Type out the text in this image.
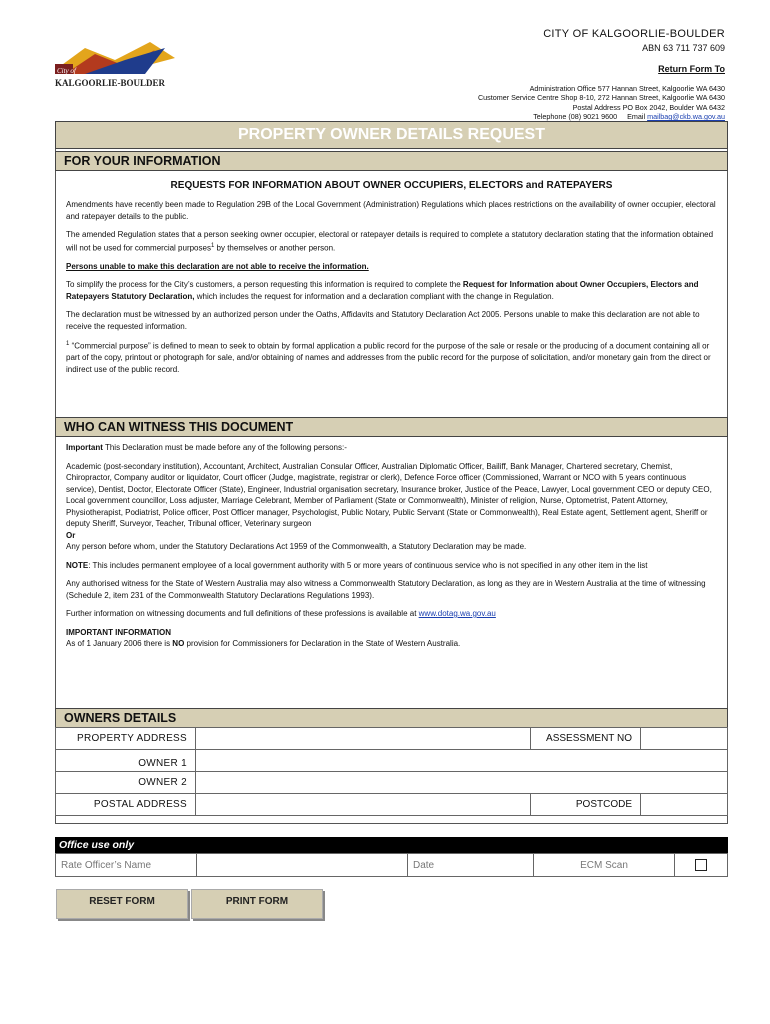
City of
KALGOORLIE-BOULDER
CITY OF KALGOORLIE-BOULDER
ABN 63 711 737 609
Return Form To
Administration Office 577 Hannan Street, Kalgoorlie WA 6430
Customer Service Centre Shop 8-10, 272 Hannan Street, Kalgoorlie WA 6430
Postal Address PO Box 2042, Boulder WA 6432
Telephone (08) 9021 9600 Email mailbag@ckb.wa.gov.au
PROPERTY OWNER DETAILS REQUEST
FOR YOUR INFORMATION
REQUESTS FOR INFORMATION ABOUT OWNER OCCUPIERS, ELECTORS and RATEPAYERS

Amendments have recently been made to Regulation 29B of the Local Government (Administration) Regulations which places restrictions on the availability of owner occupier, electoral and ratepayer details to the public.

The amended Regulation states that a person seeking owner occupier, electoral or ratepayer details is required to complete a statutory declaration stating that the information obtained will not be used for commercial purposes$^1$ by themselves or another person.

Persons unable to make this declaration are not able to receive the information.

To simplify the process for the City’s customers, a person requesting this information is required to complete the Request for Information about Owner Occupiers, Electors and Ratepayers Statutory Declaration, which includes the request for information and a declaration compliant with the change in Regulation.

The declaration must be witnessed by an authorized person under the Oaths, Affidavits and Statutory Declaration Act 2005. Persons unable to make this declaration are not able to receive the requested information.

$^1$ “Commercial purpose” is defined to mean to seek to obtain by formal application a public record for the purpose of the sale or resale or the producing of a document containing all or part of the copy, printout or photograph for sale, and/or obtaining of names and addresses from the public record for the purpose of solicitation, and/or monetary gain from the direct or indirect use of the public record.

WHO CAN WITNESS THIS DOCUMENT

Important This Declaration must be made before any of the following persons:-

Academic (post-secondary institution), Accountant, Architect, Australian Consular Officer, Australian Diplomatic Officer, Bailiff, Bank Manager, Chartered secretary, Chemist, Chiropractor, Company auditor or liquidator, Court officer (Judge, magistrate, registrar or clerk), Defence Force officer (Commissioned, Warrant or NCO with 5 years continuous service), Dentist, Doctor, Electorate Officer (State), Engineer, Industrial organisation secretary, Insurance broker, Justice of the Peace, Lawyer, Local government CEO or deputy CEO, Local government councillor, Loss adjuster, Marriage Celebrant, Member of Parliament (State or Commonwealth), Minister of religion, Nurse, Optometrist, Patent Attorney, Physiotherapist, Podiatrist, Police officer, Post Officer manager, Psychologist, Public Notary, Public Servant (State or Commonwealth), Real Estate agent, Settlement agent, Sheriff or deputy Sheriff, Surveyor, Teacher, Tribunal officer, Veterinary surgeon

Or

Any person before whom, under the Statutory Declarations Act 1959 of the Commonwealth, a Statutory Declaration may be made.

NOTE: This includes permanent employee of a local government authority with 5 or more years of continuous service who is not specified in any other item in the list

Any authorised witness for the State of Western Australia may also witness a Commonwealth Statutory Declaration, as long as they are in Western Australia at the time of witnessing (Schedule 2, item 231 of the Commonwealth Statutory Declarations Regulations 1993).

Further information on witnessing documents and full definitions of these professions is available at www.dotag.wa.gov.au

IMPORTANT INFORMATION

As of 1 January 2006 there is NO provision for Commissioners for Declaration in the State of Western Australia.

OWNERS DETAILS
PROPERTY ADDRESS		ASSESSMENT NO	
OWNER 1			
OWNER 2			
POSTAL ADDRESS		POSTCODE	
Office use only
Rate Officer’s Name		Date	ECM Scan	
RESET FORM	PRINT FORM
